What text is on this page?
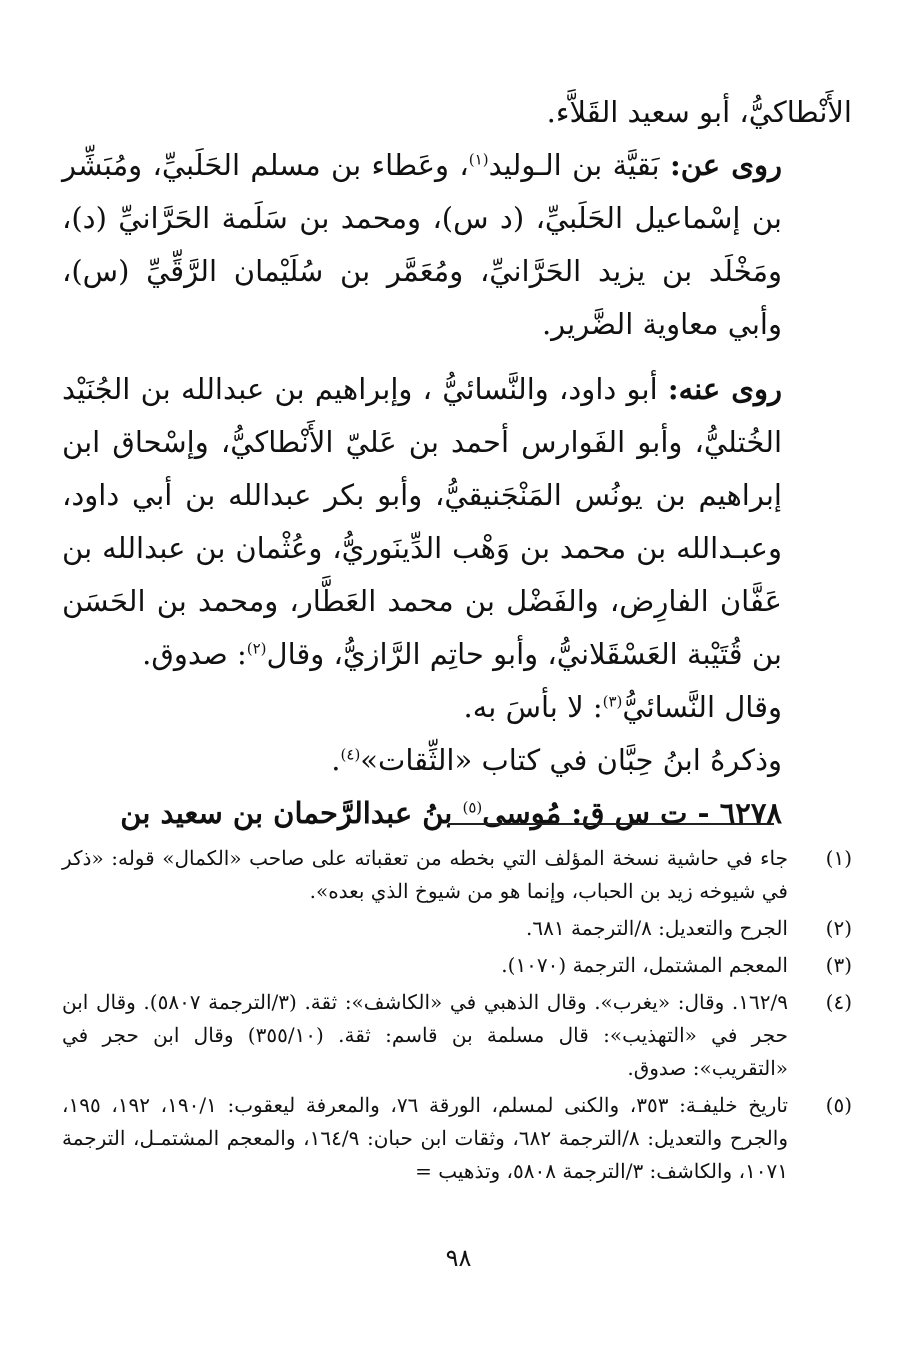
الأَنْطاكيُّ، أبو سعيد القَلاَّء.

روى عن: بَقيَّة بن الـوليد$^{(١)}$، وعَطاء بن مسلم الحَلَبيِّ، ومُبَشِّر بن إسْماعيل الحَلَبيِّ، (د س)، ومحمد بن سَلَمة الحَرَّانيِّ (د)، ومَخْلَد بن يزيد الحَرَّانيِّ، ومُعَمَّر بن سُلَيْمان الرَّقِّيِّ (س)، وأبي معاوية الضَّرير.

روى عنه: أبو داود، والنَّسائيُّ ، وإبراهيم بن عبدالله بن الجُنَيْد الخُتليُّ، وأبو الفَوارس أحمد بن عَليّ الأَنْطاكيُّ، وإسْحاق ابن إبراهيم بن يونُس المَنْجَنيقيُّ، وأبو بكر عبدالله بن أبي داود، وعبـدالله بن محمد بن وَهْب الدِّينَوريُّ، وعُثْمان بن عبدالله بن عَفَّان الفارِض، والفَضْل بن محمد العَطَّار، ومحمد بن الحَسَن بن قُتَيْبة العَسْقَلانيُّ، وأبو حاتِم الرَّازيُّ، وقال$^{(٢)}$: صدوق.

وقال النَّسائيُّ$^{(٣)}$: لا بأسَ به.

وذكرهُ ابنُ حِبَّان في كتاب «الثِّقات»$^{(٤)}$.

٦٢٧٨ - ت س ق: مُوسى$^{(٥)}$ بنُ عبدالرَّحمان بن سعيد بن

(١)
جاء في حاشية نسخة المؤلف التي بخطه من تعقباته على صاحب «الكمال» قوله: «ذكر في شيوخه زيد بن الحباب، وإنما هو من شيوخ الذي بعده».
(٢)
الجرح والتعديل: ٨/الترجمة ٦٨١.
(٣)
المعجم المشتمل، الترجمة (١٠٧٠).
(٤)
١٦٢/٩. وقال: «يغرب». وقال الذهبي في «الكاشف»: ثقة. (٣/الترجمة ٥٨٠٧). وقال ابن حجر في «التهذيب»: قال مسلمة بن قاسم: ثقة. (٣٥٥/١٠) وقال ابن حجر في «التقريب»: صدوق.
(٥)
تاريخ خليفـة: ٣٥٣، والكنى لمسلم، الورقة ٧٦، والمعرفة ليعقوب: ١٩٠/١، ١٩٢، ١٩٥، والجرح والتعديل: ٨/الترجمة ٦٨٢، وثقات ابن حبان: ١٦٤/٩، والمعجم المشتمـل، الترجمة ١٠٧١، والكاشف: ٣/الترجمة ٥٨٠٨، وتذهيب =
٩٨
